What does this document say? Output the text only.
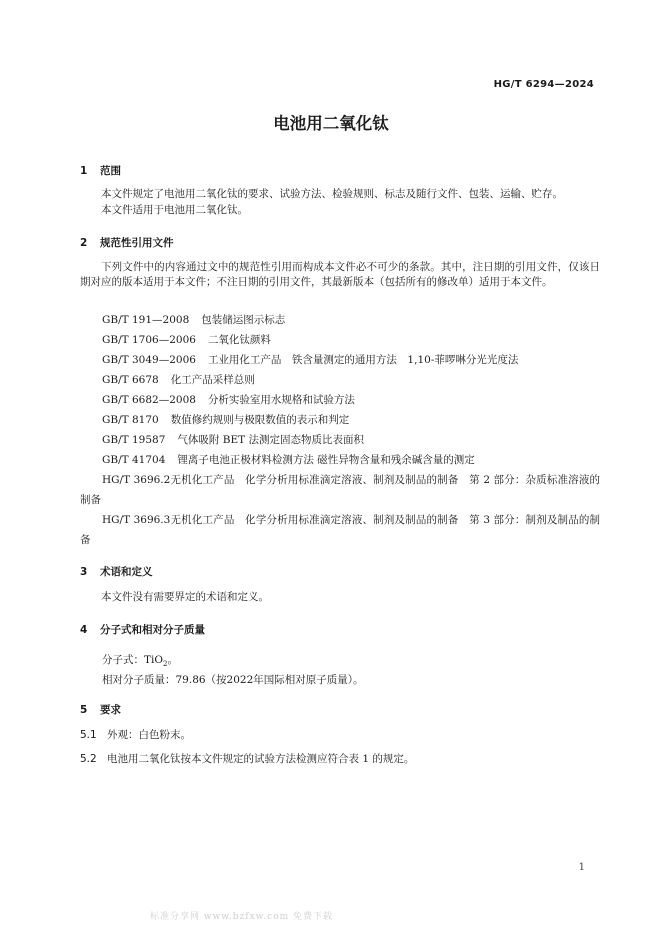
HG/T 6294—2024
电池用二氧化钛
1 范围
本文件规定了电池用二氧化钛的要求、试验方法、检验规则、标志及随行文件、包装、运输、贮存。
本文件适用于电池用二氧化钛。
2 规范性引用文件
下列文件中的内容通过文中的规范性引用而构成本文件必不可少的条款。其中，注日期的引用文件，仅该日期对应的版本适用于本文件；不注日期的引用文件，其最新版本（包括所有的修改单）适用于本文件。
GB/T 191—2008 包装储运图示标志
GB/T 1706—2006 二氧化钛颜料
GB/T 3049—2006 工业用化工产品　铁含量测定的通用方法　1,10-菲啰啉分光光度法
GB/T 6678 化工产品采样总则
GB/T 6682—2008 分析实验室用水规格和试验方法
GB/T 8170 数值修约规则与极限数值的表示和判定
GB/T 19587 气体吸附 BET 法测定固态物质比表面积
GB/T 41704 锂离子电池正极材料检测方法 磁性异物含量和残余碱含量的测定
HG/T 3696.2无机化工产品　化学分析用标准滴定溶液、制剂及制品的制备　第 2 部分：杂质标准溶液的制备
HG/T 3696.3无机化工产品　化学分析用标准滴定溶液、制剂及制品的制备　第 3 部分：制剂及制品的制备
3 术语和定义
本文件没有需要界定的术语和定义。
4 分子式和相对分子质量
分子式：TiO$_2$。
相对分子质量：79.86（按2022年国际相对原子质量）。
5 要求
5.1 外观：白色粉末。
5.2 电池用二氧化钛按本文件规定的试验方法检测应符合表 1 的规定。
1
标准分享网 www.bzfxw.com 免费下载
